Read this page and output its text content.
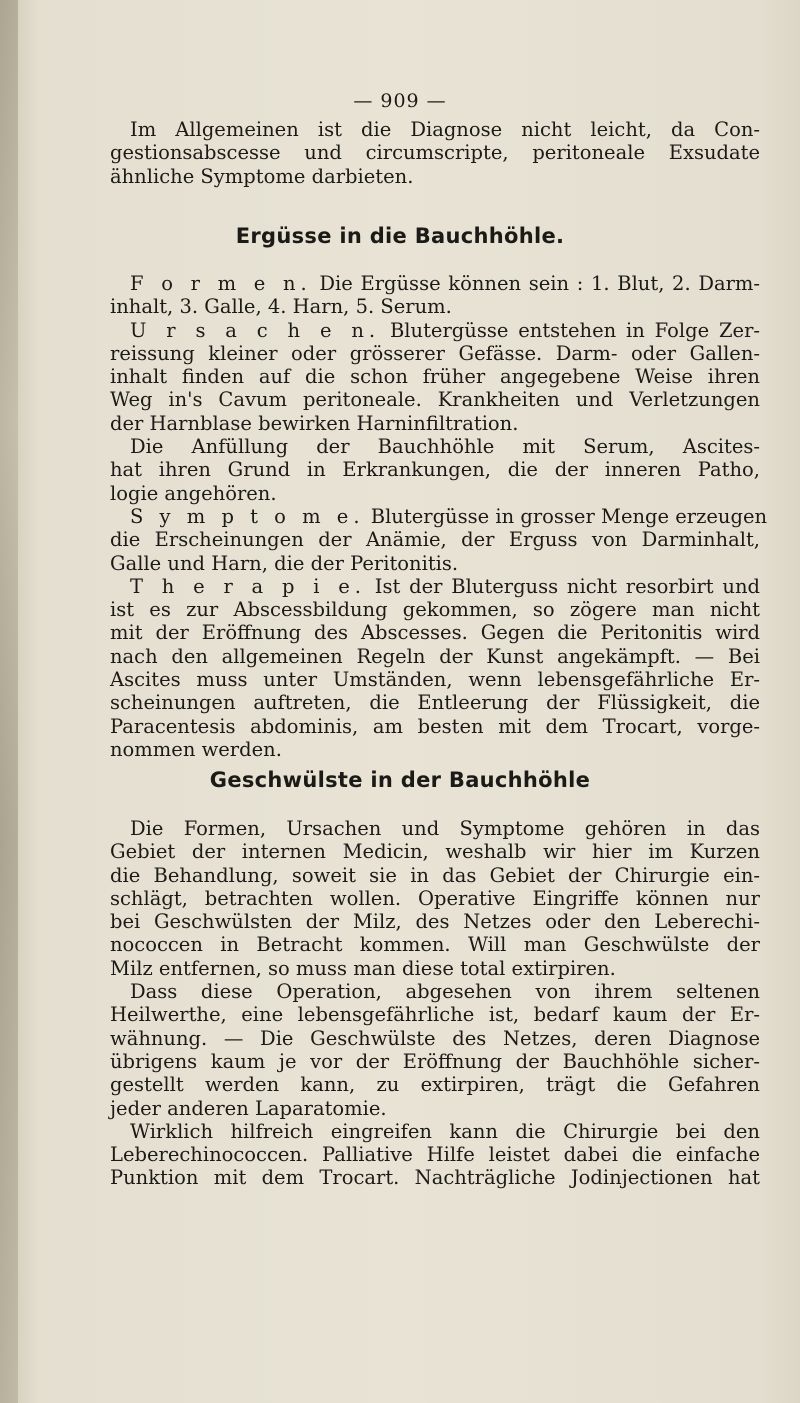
— 909 —
Im Allgemeinen ist die Diagnose nicht leicht, da Con-
gestionsabscesse und circumscripte, peritoneale Exsudate
ähnliche Symptome darbieten.
Ergüsse in die Bauchhöhle.
F o r m e n. Die Ergüsse können sein : 1. Blut, 2. Darm-
inhalt, 3. Galle, 4. Harn, 5. Serum.
U r s a c h e n. Blutergüsse entstehen in Folge Zer-
reissung kleiner oder grösserer Gefässe. Darm- oder Gallen-
inhalt finden auf die schon früher angegebene Weise ihren
Weg in's Cavum peritoneale. Krankheiten und Verletzungen
der Harnblase bewirken Harninfiltration.
Die Anfüllung der Bauchhöhle mit Serum, Ascites-
hat ihren Grund in Erkrankungen, die der inneren Patho,
logie angehören.
S y m p t o m e. Blutergüsse in grosser Menge erzeugen
die Erscheinungen der Anämie, der Erguss von Darminhalt,
Galle und Harn, die der Peritonitis.
T h e r a p i e. Ist der Bluterguss nicht resorbirt und
ist es zur Abscessbildung gekommen, so zögere man nicht
mit der Eröffnung des Abscesses. Gegen die Peritonitis wird
nach den allgemeinen Regeln der Kunst angekämpft. — Bei
Ascites muss unter Umständen, wenn lebensgefährliche Er-
scheinungen auftreten, die Entleerung der Flüssigkeit, die
Paracentesis abdominis, am besten mit dem Trocart, vorge-
nommen werden.
Geschwülste in der Bauchhöhle
Die Formen, Ursachen und Symptome gehören in das
Gebiet der internen Medicin, weshalb wir hier im Kurzen
die Behandlung, soweit sie in das Gebiet der Chirurgie ein-
schlägt, betrachten wollen. Operative Eingriffe können nur
bei Geschwülsten der Milz, des Netzes oder den Leberechi-
nococcen in Betracht kommen. Will man Geschwülste der
Milz entfernen, so muss man diese total extirpiren.
Dass diese Operation, abgesehen von ihrem seltenen
Heilwerthe, eine lebensgefährliche ist, bedarf kaum der Er-
wähnung. — Die Geschwülste des Netzes, deren Diagnose
übrigens kaum je vor der Eröffnung der Bauchhöhle sicher-
gestellt werden kann, zu extirpiren, trägt die Gefahren
jeder anderen Laparatomie.
Wirklich hilfreich eingreifen kann die Chirurgie bei den
Leberechinococcen. Palliative Hilfe leistet dabei die einfache
Punktion mit dem Trocart. Nachträgliche Jodinjectionen hat
